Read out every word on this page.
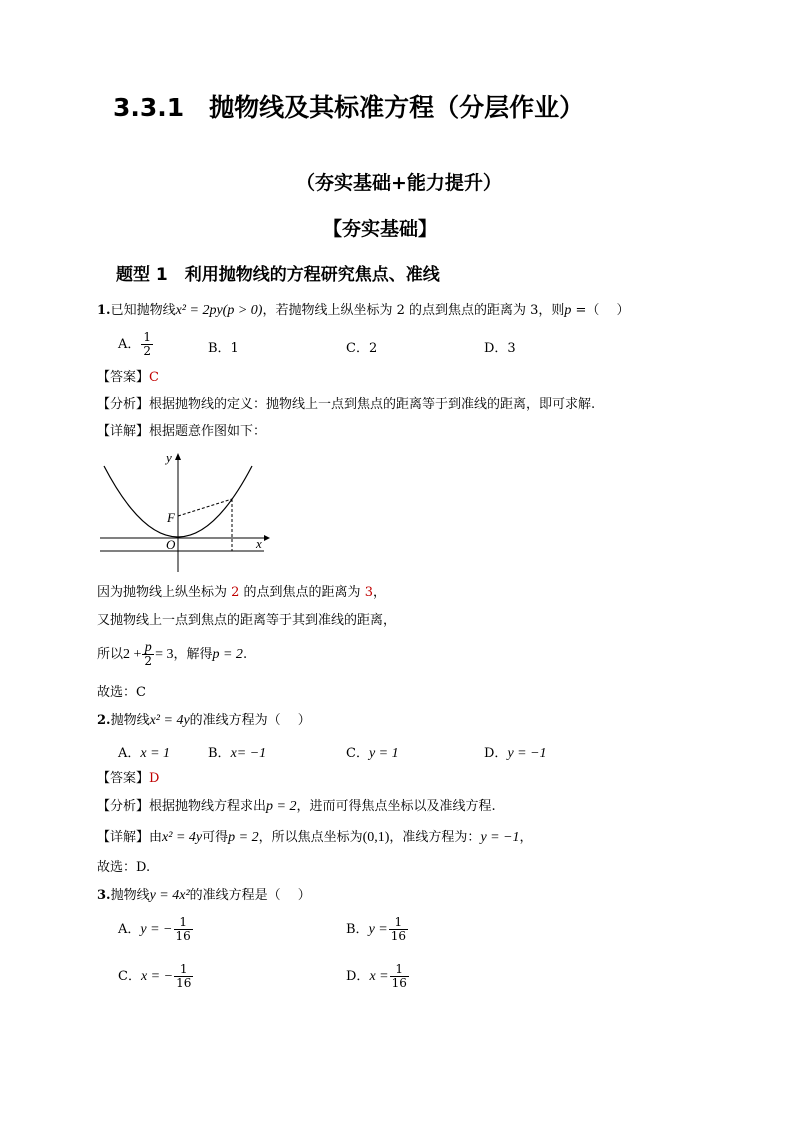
3.3.1　抛物线及其标准方程（分层作业）
（夯实基础+能力提升）
【夯实基础】
题型 1　利用抛物线的方程研究焦点、准线
1.已知抛物线x² = 2py(p > 0)，若抛物线上纵坐标为 2 的点到焦点的距离为 3，则p =（　 ）
A． $\frac{1}{2}$	B．1	C．2	D．3
【答案】C
【分析】根据抛物线的定义：抛物线上一点到焦点的距离等于到准线的距离，即可求解.
【详解】根据题意作图如下：
y
x
F
O
因为抛物线上纵坐标为 2 的点到焦点的距离为 3，
又抛物线上一点到焦点的距离等于其到准线的距离，
所以$2 + \frac{p}{2} = 3$，解得p = 2.
故选：C
2.抛物线x² = 4y的准线方程为（　 ）
A．x = 1	B．x= −1	C．y = 1	D．y = −1
【答案】D
【分析】根据抛物线方程求出p = 2，进而可得焦点坐标以及准线方程.
【详解】由x² = 4y可得p = 2，所以焦点坐标为(0,1)，准线方程为：y = −1，
故选：D.
3.抛物线y = 4x²的准线方程是（　 ）
A．y = − $\frac{1}{16}$	B．$y = \frac{1}{16}$
C．x = − $\frac{1}{16}$	D．$x = \frac{1}{16}$
